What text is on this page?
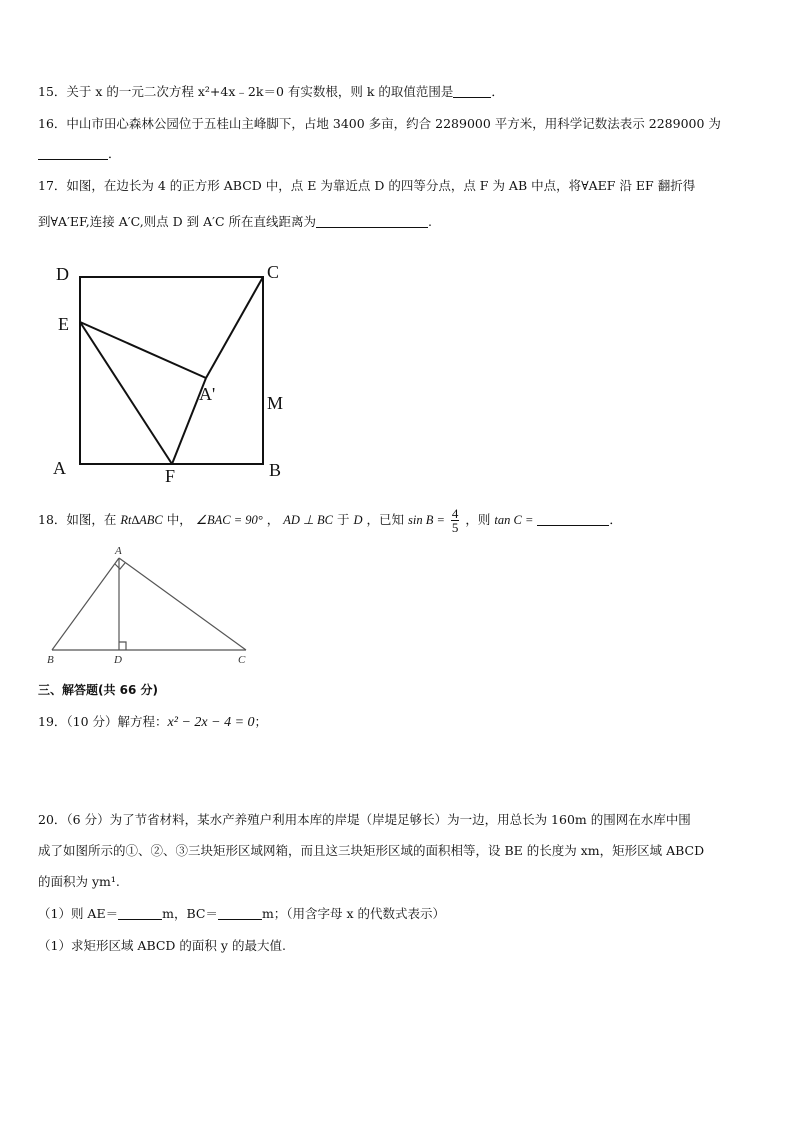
15．关于 x 的一元二次方程 x²+4x﹣2k＝0 有实数根，则 k 的取值范围是	．
16．中山市田心森林公园位于五桂山主峰脚下，占地 3400 多亩，约合 2289000 平方米，用科学记数法表示 2289000 为
．
17．如图，在边长为 4 的正方形 ABCD 中，点 E 为靠近点 D 的四等分点，点 F 为 AB 中点，将∀AEF 沿 EF 翻折得
到∀A′EF,连接 A′C,则点 D 到 A′C 所在直线距离为	.
D	C
E
A'	M
A	F	B
18．如图，在 Rt∆ABC 中， ∠BAC = 90° ， AD ⊥ BC 于 D ，已知 $\sin B = \frac{4}{5}$ ，则 tan C =	．
A
B	D	C
三、解答题(共 66 分)
19．（10 分）解方程：x² − 2x − 4 = 0；
20．（6 分）为了节省材料，某水产养殖户利用本库的岸堤（岸堤足够长）为一边，用总长为 160m 的围网在水库中围
成了如图所示的①、②、③三块矩形区域网箱，而且这三块矩形区域的面积相等，设 BE 的长度为 xm，矩形区域 ABCD
的面积为 ym¹.
（1）则 AE＝	m，BC＝	m；（用含字母 x 的代数式表示）
（1）求矩形区域 ABCD 的面积 y 的最大值.
